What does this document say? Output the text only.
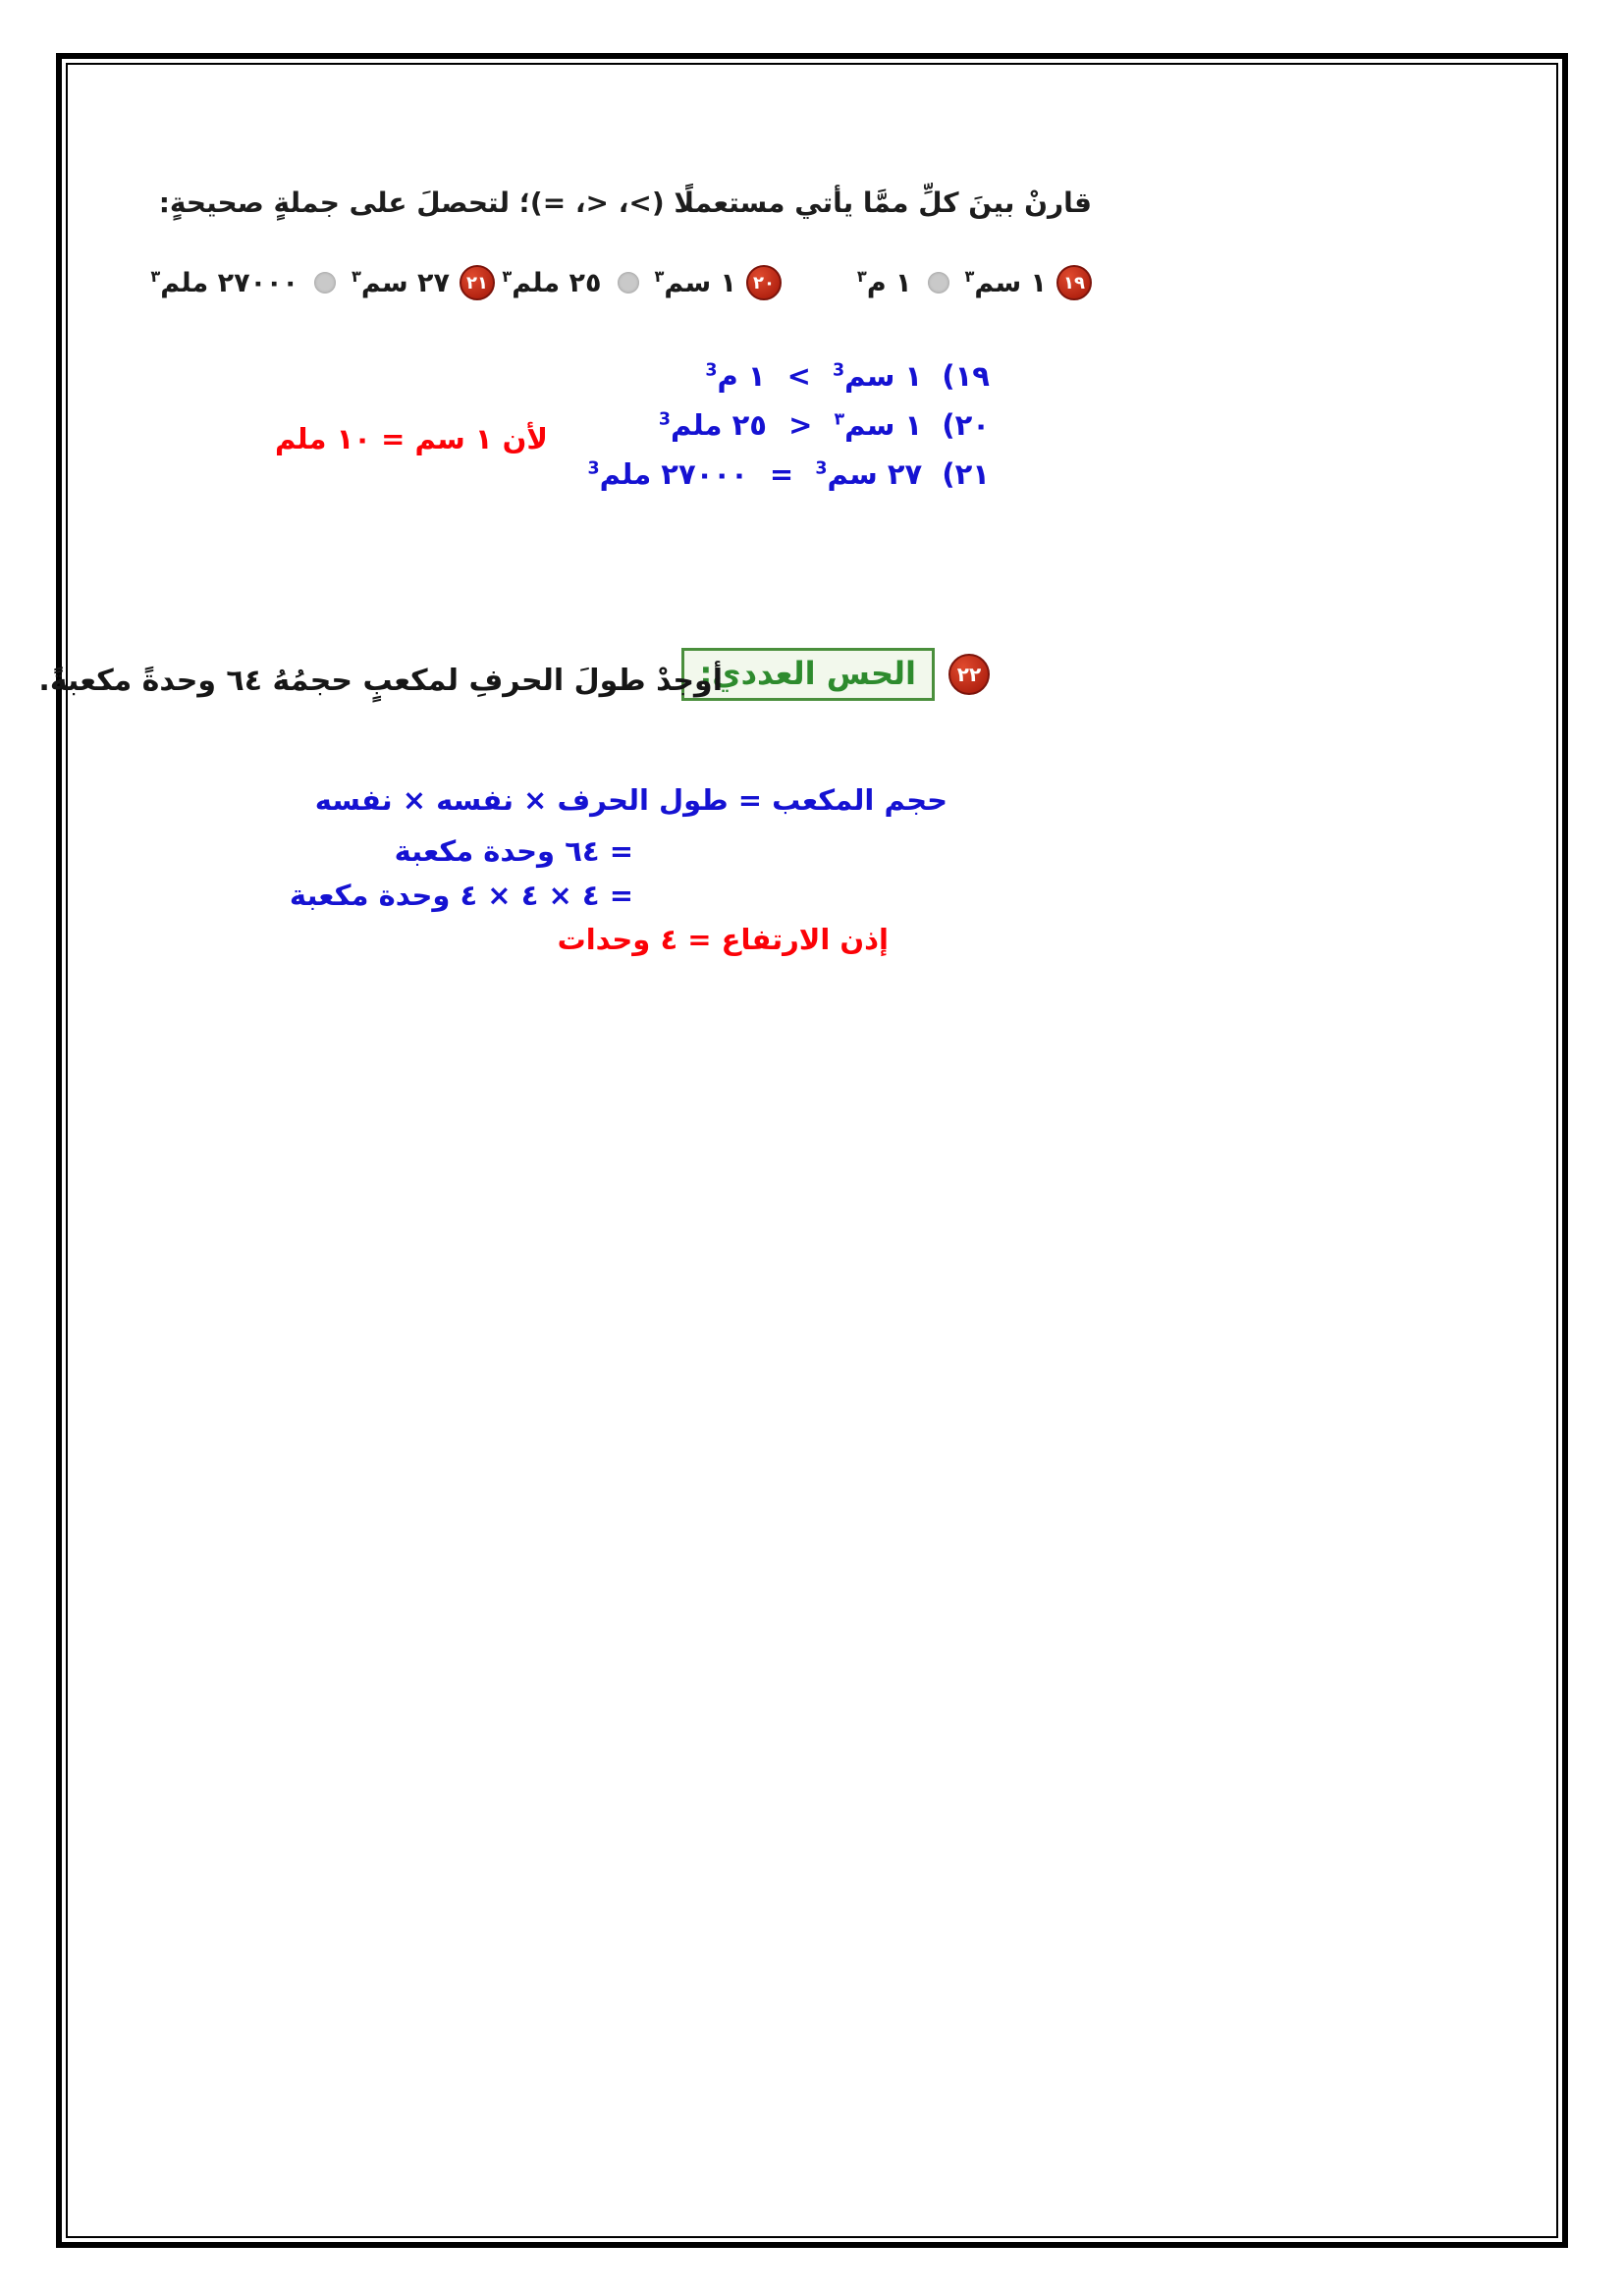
قارنْ بينَ كلِّ ممَّا يأتي مستعملًا (>، <، =)؛ لتحصلَ على جملةٍ صحيحةٍ:
١٩
١ سم$^٣$
١ م$^٣$
٢٠
١ سم$^٣$
٢٥ ملم$^٣$
٢١
٢٧ سم$^٣$
٢٧٠٠٠ ملم$^٣$
١٩) ١ سم$^3$ < ١ م$^3$
٢٠) ١ سم$^٣$ > ٢٥ ملم$^3$
٢١) ٢٧ سم$^3$ = ٢٧٠٠٠ ملم$^3$
لأن ١ سم = ١٠ ملم
٢٢
الحس العددي:
أوجدْ طولَ الحرفِ لمكعبٍ حجمُهُ ٦٤ وحدةً مكعبةً.
حجم المكعب = طول الحرف × نفسه × نفسه
= ٦٤ وحدة مكعبة
= ٤ × ٤ × ٤ وحدة مكعبة
إذن الارتفاع = ٤ وحدات
